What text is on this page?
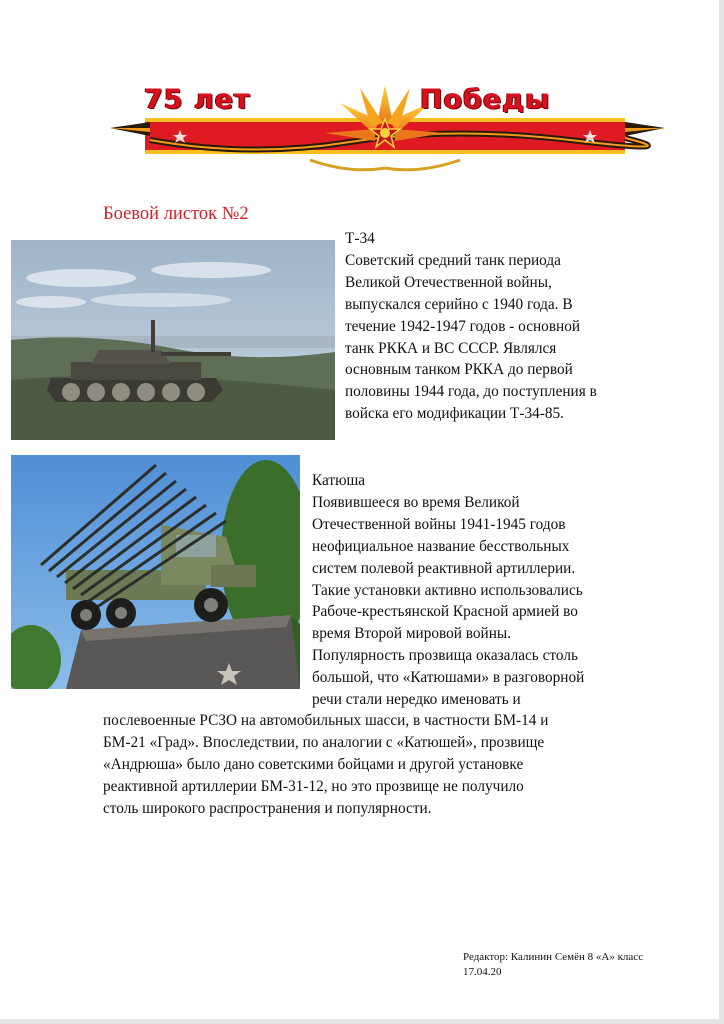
75 лет	Победы
Боевой листок №2
Т-34
Советский средний танк периода
Великой Отечественной войны,
выпускался серийно с 1940 года. В
течение 1942-1947 годов - основной
танк РККА и ВС СССР. Являлся
основным танком РККА до первой
половины 1944 года, до поступления в
войска его модификации Т-34-85.
Катюша
Появившееся во время Великой
Отечественной войны 1941-1945 годов
неофициальное название бесствольных
систем полевой реактивной артиллерии.
Такие установки активно использовались
Рабоче-крестьянской Красной армией во
время Второй мировой войны.
Популярность прозвища оказалась столь
большой, что «Катюшами» в разговорной
речи стали нередко именовать и
послевоенные РСЗО на автомобильных шасси, в частности БМ-14 и
БМ-21 «Град». Впоследствии, по аналогии с «Катюшей», прозвище
«Андрюша» было дано советскими бойцами и другой установке
реактивной артиллерии БМ-31-12, но это прозвище не получило
столь широкого распространения и популярности.
Редактор: Калинин Семён 8 «А» класс
17.04.20
